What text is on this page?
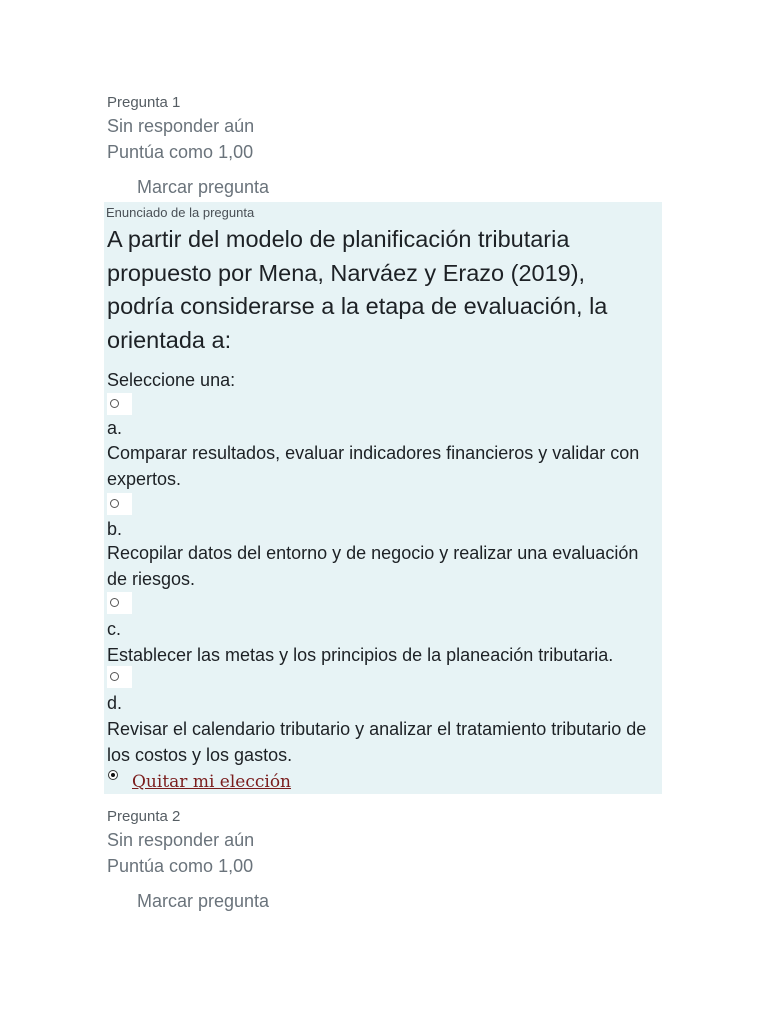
Pregunta 1
Sin responder aún
Puntúa como 1,00
Marcar pregunta
Enunciado de la pregunta
A partir del modelo de planificación tributaria propuesto por Mena, Narváez y Erazo (2019), podría considerarse a la etapa de evaluación, la orientada a:
Seleccione una:
a.
Comparar resultados, evaluar indicadores financieros y validar con expertos.
b.
Recopilar datos del entorno y de negocio y realizar una evaluación de riesgos.
c.
Establecer las metas y los principios de la planeación tributaria.
d.
Revisar el calendario tributario y analizar el tratamiento tributario de los costos y los gastos.
Quitar mi elección
Pregunta 2
Sin responder aún
Puntúa como 1,00
Marcar pregunta
